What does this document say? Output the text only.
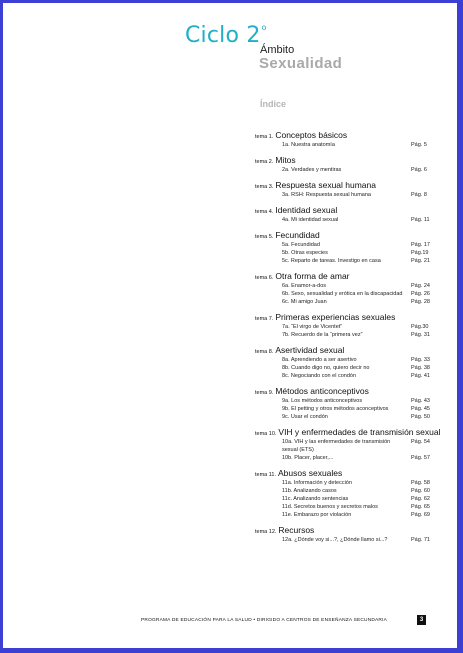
Ciclo 2$^o$
Ámbito
Sexualidad
Índice
tema 1. Conceptos básicos
1a. Nuestra anatomía	Pág. 5
tema 2. Mitos
2a. Verdades y mentiras	Pág. 6
tema 3. Respuesta sexual humana
3a. RSH: Respuesta sexual humana	Pág. 8
tema 4. Identidad sexual
4a. Mi identidad sexual	Pág. 11
tema 5. Fecundidad
5a. Fecundidad	Pág. 17
5b. Otras especies	Pág.19
5c. Reparto de tareas. Investigo en casa	Pág. 21
tema 6. Otra forma de amar
6a. Enamor-a-dos	Pág. 24
6b. Sexo, sexualidad y erótica en la discapacidad Pág. 26
6c. Mi amigo Juan	Pág. 28
tema 7. Primeras experiencias sexuales
7a. “El virgo de Vicentet”	Pág.30
7b. Recuerdo de la “primera vez”	Pág. 31
tema 8. Asertividad sexual
8a. Aprendiendo a ser asertivo	Pág. 33
8b. Cuando digo no, quiero decir no	Pág. 38
8c. Negociando con el condón	Pág. 41
tema 9. Métodos anticonceptivos
9a. Los métodos anticonceptivos	Pág. 43
9b. El petting y otros métodos aconceptivos	Pág. 45
9c. Usar el condón	Pág. 50
tema 10. VIH y enfermedades de transmisión sexual
10a. VIH y las enfermedades de transmisión sexual (ETS)
Pág. 54
10b. Placer, placer,...	Pág. 57
tema 11. Abusos sexuales
11a. Información y detección	Pág. 58
11b. Analizando casos	Pág. 60
11c. Analizando sentencias	Pág. 62
11d. Secretos buenos y secretos malos	Pág. 65
11e. Embarazo por violación	Pág. 69
tema 12. Recursos
12a. ¿Dónde voy si...?, ¿Dónde llamo si...?	Pág. 71
PROGRAMA DE EDUCACIÓN PARA LA SALUD • DIRIGIDO A CENTROS DE ENSEÑANZA SECUNDARIA	3
